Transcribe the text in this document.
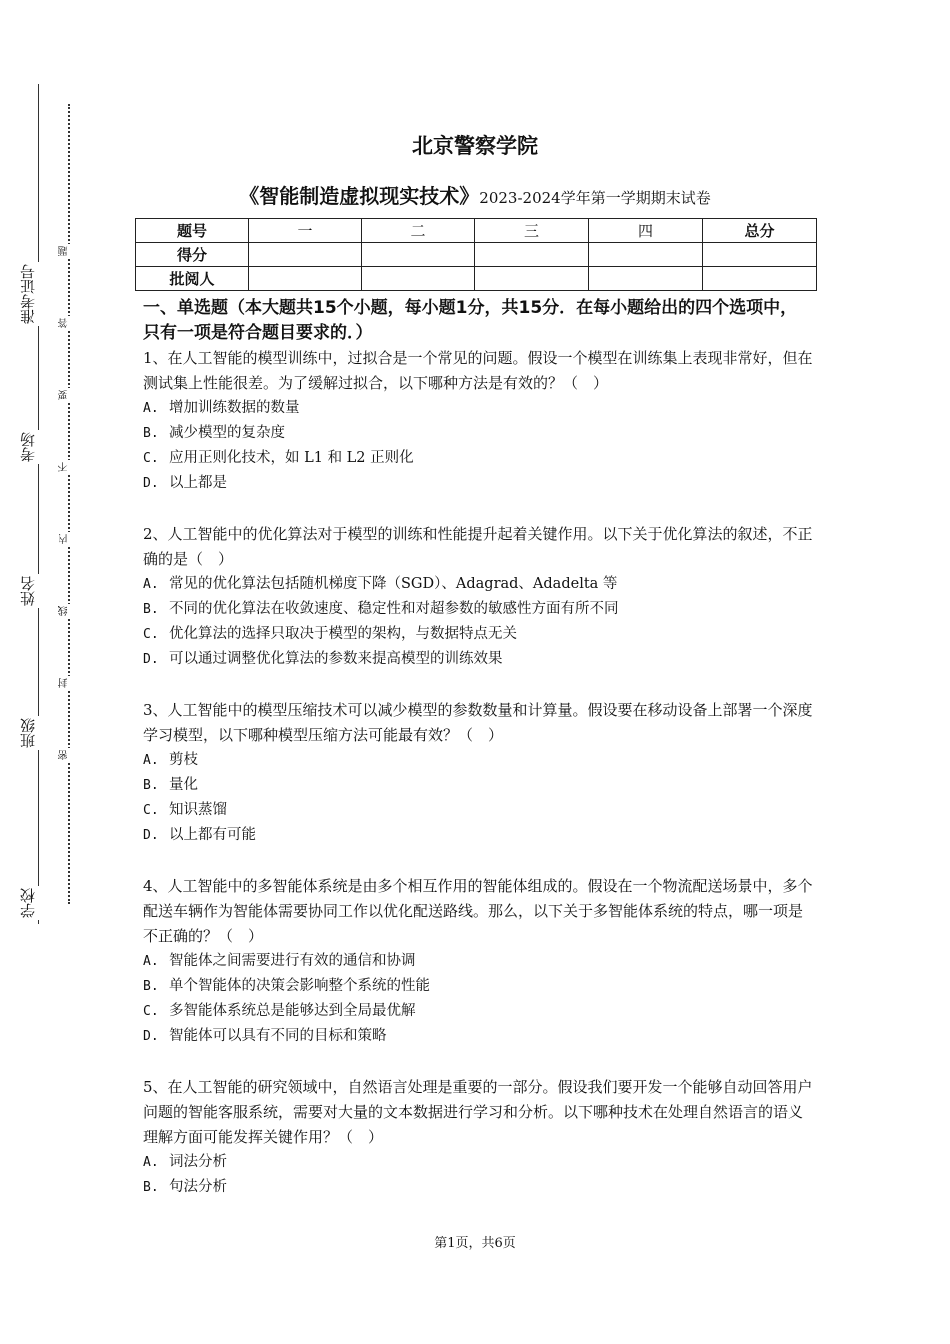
准考证号
考场
姓名
班级
学校
题
答
要
不
内
线
封
密
北京警察学院
《智能制造虚拟现实技术》2023-2024学年第一学期期末试卷
题号	一	二	三	四	总分
得分					
批阅人					
一、单选题（本大题共15个小题，每小题1分，共15分．在每小题给出的四个选项中，只有一项是符合题目要求的．）
1、在人工智能的模型训练中，过拟合是一个常见的问题。假设一个模型在训练集上表现非常好，但在测试集上性能很差。为了缓解过拟合，以下哪种方法是有效的？（　）
A. 增加训练数据的数量
B. 减少模型的复杂度
C. 应用正则化技术，如 L1 和 L2 正则化
D. 以上都是
2、人工智能中的优化算法对于模型的训练和性能提升起着关键作用。以下关于优化算法的叙述，不正确的是（　）
A. 常见的优化算法包括随机梯度下降（SGD）、Adagrad、Adadelta 等
B. 不同的优化算法在收敛速度、稳定性和对超参数的敏感性方面有所不同
C. 优化算法的选择只取决于模型的架构，与数据特点无关
D. 可以通过调整优化算法的参数来提高模型的训练效果
3、人工智能中的模型压缩技术可以减少模型的参数数量和计算量。假设要在移动设备上部署一个深度学习模型，以下哪种模型压缩方法可能最有效？（　）
A. 剪枝
B. 量化
C. 知识蒸馏
D. 以上都有可能
4、人工智能中的多智能体系统是由多个相互作用的智能体组成的。假设在一个物流配送场景中，多个配送车辆作为智能体需要协同工作以优化配送路线。那么，以下关于多智能体系统的特点，哪一项是不正确的？（　）
A. 智能体之间需要进行有效的通信和协调
B. 单个智能体的决策会影响整个系统的性能
C. 多智能体系统总是能够达到全局最优解
D. 智能体可以具有不同的目标和策略
5、在人工智能的研究领域中，自然语言处理是重要的一部分。假设我们要开发一个能够自动回答用户问题的智能客服系统，需要对大量的文本数据进行学习和分析。以下哪种技术在处理自然语言的语义理解方面可能发挥关键作用？（　）
A. 词法分析
B. 句法分析
第1页，共6页
